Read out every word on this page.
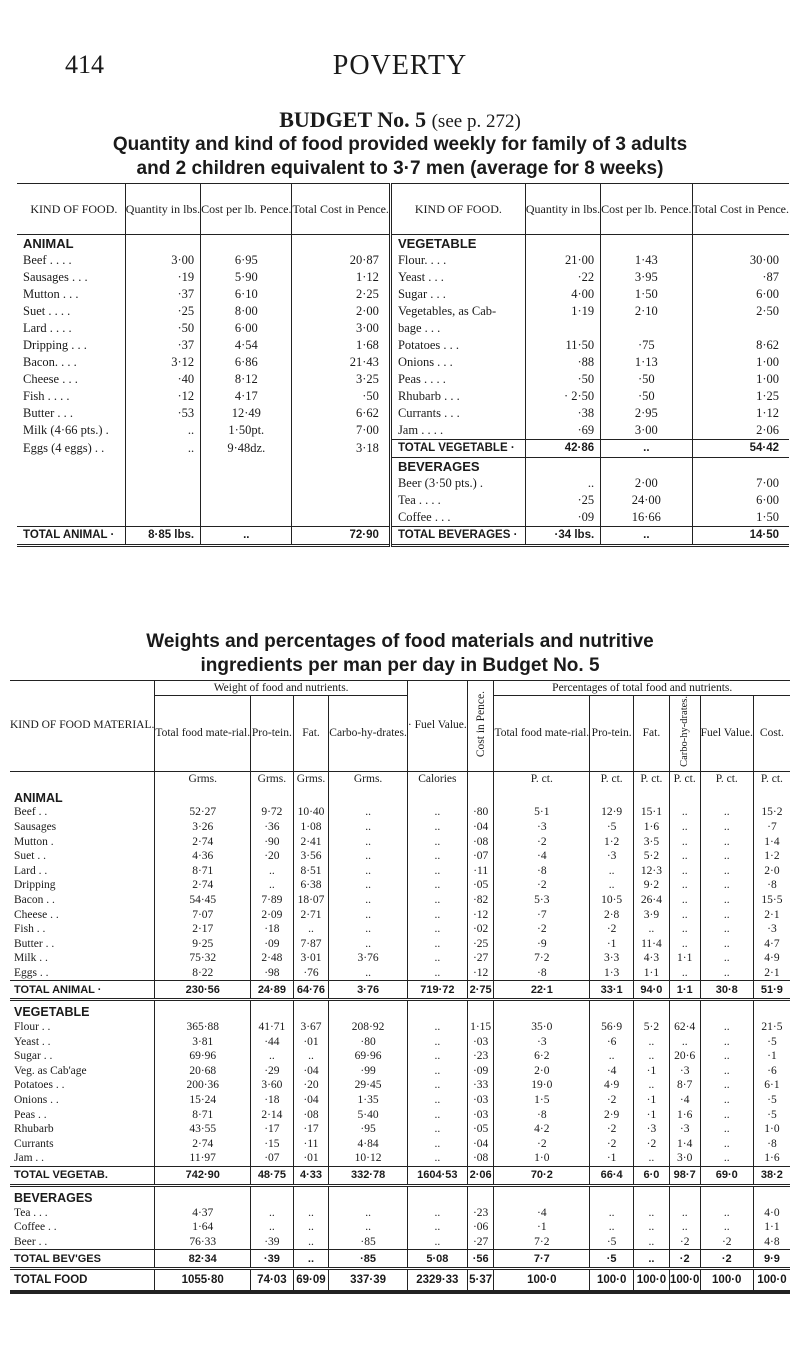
414	POVERTY
BUDGET No. 5 (see p. 272)
Quantity and kind of food provided weekly for family of 3 adults
and 2 children equivalent to 3·7 men (average for 8 weeks)
KIND OF FOOD.	Quantity in lbs.	Cost per lb. Pence.	Total Cost in Pence.	KIND OF FOOD.	Quantity in lbs.	Cost per lb. Pence.	Total Cost in Pence.
ANIMAL				VEGETABLE			
Beef . . . .	3·00	6·95	20·87	Flour. . . .	21·00	1·43	30·00
Sausages . . .	·19	5·90	1·12	Yeast . . .	·22	3·95	·87
Mutton . . .	·37	6·10	2·25	Sugar . . .	4·00	1·50	6·00
Suet . . . .	·25	8·00	2·00	Vegetables, as Cab-	1·19	2·10	2·50
Lard . . . .	·50	6·00	3·00	bage . . .			
Dripping . . .	·37	4·54	1·68	Potatoes . . .	11·50	·75	8·62
Bacon. . . .	3·12	6·86	21·43	Onions . . .	·88	1·13	1·00
Cheese . . .	·40	8·12	3·25	Peas . . . .	·50	·50	1·00
Fish . . . .	·12	4·17	·50	Rhubarb . . .	· 2·50	·50	1·25
Butter . . .	·53	12·49	6·62	Currants . . .	·38	2·95	1·12
Milk (4·66 pts.) .	..	1·50pt.	7·00	Jam . . . .	·69	3·00	2·06
Eggs (4 eggs) . .	..	9·48dz.	3·18	TOTAL VEGETABLE ·	42·86	..	54·42
				BEVERAGES			
				Beer (3·50 pts.) .	..	2·00	7·00
				Tea . . . .	·25	24·00	6·00
				Coffee . . .	·09	16·66	1·50
TOTAL ANIMAL ·	8·85 lbs.	..	72·90	TOTAL BEVERAGES ·	·34 lbs.	..	14·50
Weights and percentages of food materials and nutritive
ingredients per man per day in Budget No. 5
KIND OF FOOD MATERIAL.	Weight of food and nutrients.				· Fuel Value.	Cost in Pence.	Percentages of total food and nutrients.					
	Total food mate-rial.	Pro-tein.	Fat.	Carbo-hy-drates.			Total food mate-rial.	Pro-tein.	Fat.	Carbo-hy-drates.	Fuel Value.	Cost.
	Grms.	Grms.	Grms.	Grms.	Calories		P. ct.	P. ct.	P. ct.	P. ct.	P. ct.	P. ct.
ANIMAL												
Beef . .	52·27	9·72	10·40	..	..	·80	5·1	12·9	15·1	..	..	15·2
Sausages	3·26	·36	1·08	..	..	·04	·3	·5	1·6	..	..	·7
Mutton .	2·74	·90	2·41	..	..	·08	·2	1·2	3·5	..	..	1·4
Suet . .	4·36	·20	3·56	..	..	·07	·4	·3	5·2	..	..	1·2
Lard . .	8·71	..	8·51	..	..	·11	·8	..	12·3	..	..	2·0
Dripping	2·74	..	6·38	..	..	·05	·2	..	9·2	..	..	·8
Bacon . .	54·45	7·89	18·07	..	..	·82	5·3	10·5	26·4	..	..	15·5
Cheese . .	7·07	2·09	2·71	..	..	·12	·7	2·8	3·9	..	..	2·1
Fish . .	2·17	·18	..	..	..	·02	·2	·2	..	..	..	·3
Butter . .	9·25	·09	7·87	..	..	·25	·9	·1	11·4	..	..	4·7
Milk . .	75·32	2·48	3·01	3·76	..	·27	7·2	3·3	4·3	1·1	..	4·9
Eggs . .	8·22	·98	·76	..	..	·12	·8	1·3	1·1	..	..	2·1
TOTAL ANIMAL ·	230·56	24·89	64·76	3·76	719·72	2·75	22·1	33·1	94·0	1·1	30·8	51·9
VEGETABLE												
Flour . .	365·88	41·71	3·67	208·92	..	1·15	35·0	56·9	5·2	62·4	..	21·5
Yeast . .	3·81	·44	·01	·80	..	·03	·3	·6	..	..	..	·5
Sugar . .	69·96	..	..	69·96	..	·23	6·2	..	..	20·6	..	·1
Veg. as Cab'age	20·68	·29	·04	·99	..	·09	2·0	·4	·1	·3	..	·6
Potatoes . .	200·36	3·60	·20	29·45	..	·33	19·0	4·9	..	8·7	..	6·1
Onions . .	15·24	·18	·04	1·35	..	·03	1·5	·2	·1	·4	..	·5
Peas . .	8·71	2·14	·08	5·40	..	·03	·8	2·9	·1	1·6	..	·5
Rhubarb	43·55	·17	·17	·95	..	·05	4·2	·2	·3	·3	..	1·0
Currants	2·74	·15	·11	4·84	..	·04	·2	·2	·2	1·4	..	·8
Jam . .	11·97	·07	·01	10·12	..	·08	1·0	·1	..	3·0	..	1·6
TOTAL VEGETAB.	742·90	48·75	4·33	332·78	1604·53	2·06	70·2	66·4	6·0	98·7	69·0	38·2
BEVERAGES												
Tea . . .	4·37	..	..	..	..	·23	·4	..	..	..	..	4·0
Coffee . .	1·64	..	..	..	..	·06	·1	..	..	..	..	1·1
Beer . .	76·33	·39	..	·85	..	·27	7·2	·5	..	·2	·2	4·8
TOTAL BEV'GES	82·34	·39	..	·85	5·08	·56	7·7	·5	..	·2	·2	9·9
TOTAL FOOD	1055·80	74·03	69·09	337·39	2329·33	5·37	100·0	100·0	100·0	100·0	100·0	100·0
